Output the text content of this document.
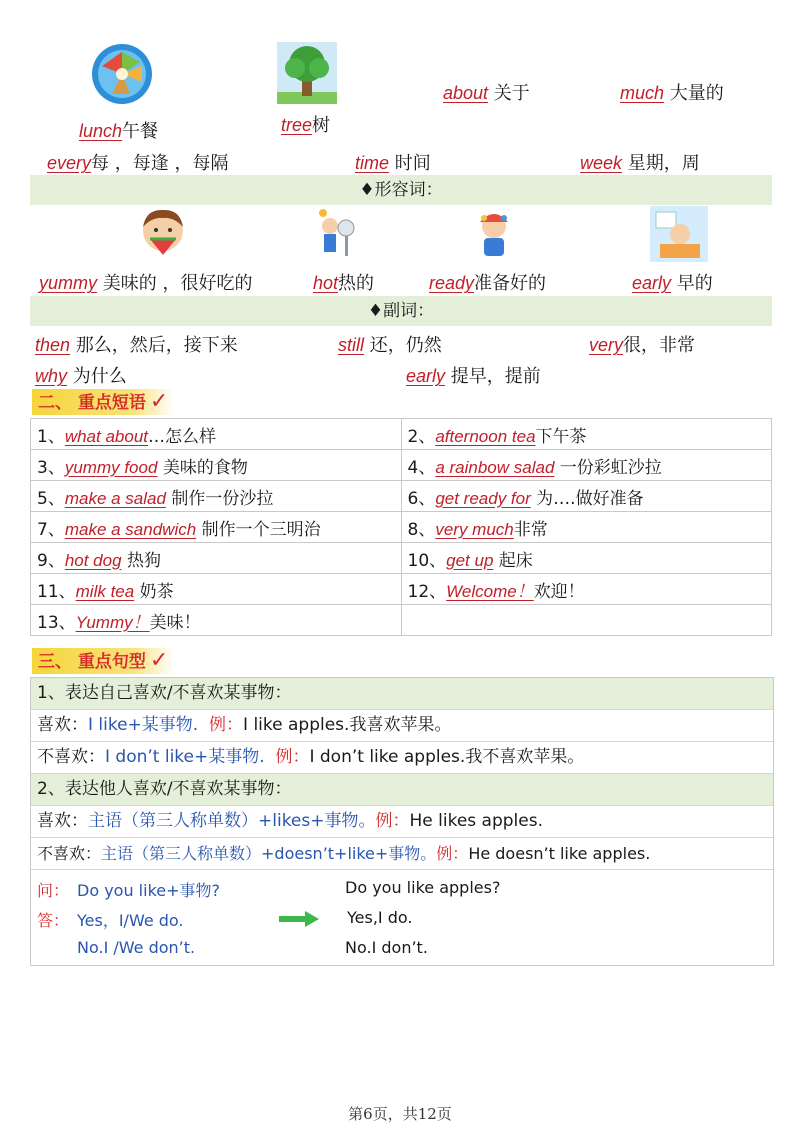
lunch午餐	tree树
about 关于	much 大量的
every每 ，每逢 ，每隔	time 时间	week 星期，周
♦形容词：
yummy 美味的 ，很好吃的	hot热的	ready准备好的	early 早的
♦副词：
then 那么，然后，接下来	still 还，仍然	very很，非常
why 为什么	early 提早，提前
二、 重点短语 ✓
1、what about…怎么样	2、afternoon tea下午茶
3、yummy food 美味的食物	4、a rainbow salad 一份彩虹沙拉
5、make a salad 制作一份沙拉	6、get ready for 为….做好准备
7、make a sandwich 制作一个三明治	8、very much非常
9、hot dog 热狗	10、get up 起床
11、milk tea 奶茶	12、Welcome！欢迎！
13、Yummy！美味！	
三、 重点句型 ✓
1、表达自己喜欢/不喜欢某事物：
喜欢：I like+某事物. 例：I like apples.我喜欢苹果。
不喜欢：I don’t like+某事物. 例：I don’t like apples.我不喜欢苹果。
2、表达他人喜欢/不喜欢某事物：
喜欢：主语（第三人称单数）+likes+事物。例：He likes apples.
不喜欢：主语（第三人称单数）+doesn’t+like+事物。例：He doesn’t like apples.
问： Do you like+事物?	Do you like apples?
答： Yes，I/We do.	Yes,I do.
No.I /We don’t.	No.I don’t.
第6页，共12页
